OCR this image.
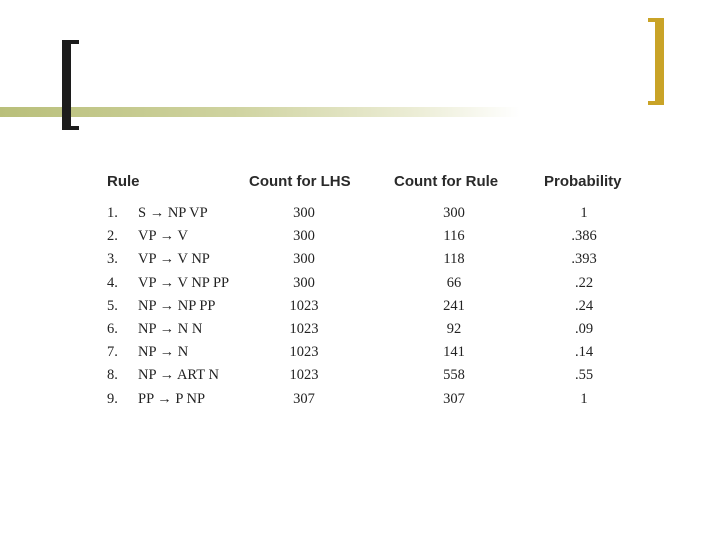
Rule	Count for LHS	Count for Rule	Probability
1.	S → NP VP	300	300	1
2.	VP → V	300	116	.386
3.	VP → V NP	300	118	.393
4.	VP → V NP PP	300	66	.22
5.	NP → NP PP	1023	241	.24
6.	NP → N N	1023	92	.09
7.	NP → N	1023	141	.14
8.	NP → ART N	1023	558	.55
9.	PP → P NP	307	307	1
